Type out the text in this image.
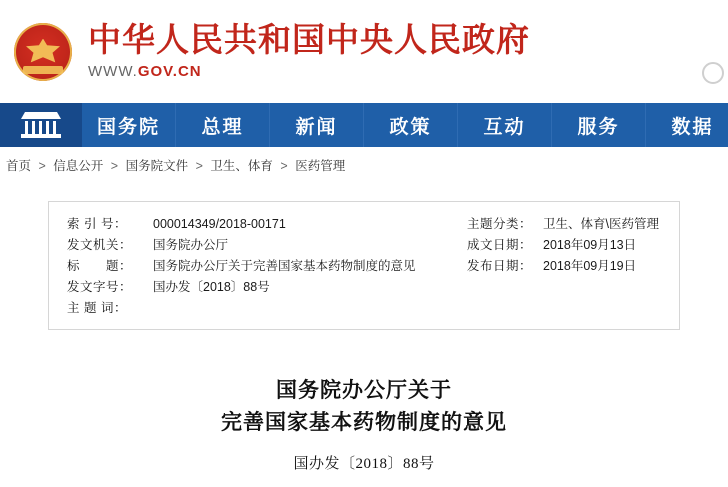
中华人民共和国中央人民政府
WWW.GOV.CN
国务院 总理	新闻	政策	互动	服务	数据
首页 > 信息公开 > 国务院文件 > 卫生、体育 > 医药管理
索 引 号：	000014349/2018-00171
发文机关：	国务院办公厅
标　　题：	国务院办公厅关于完善国家基本药物制度的意见
发文字号：	国办发〔2018〕88号
主 题 词：
主题分类： 卫生、体育\医药管理
成文日期： 2018年09月13日
发布日期： 2018年09月19日
国务院办公厅关于
完善国家基本药物制度的意见
国办发〔2018〕88号
